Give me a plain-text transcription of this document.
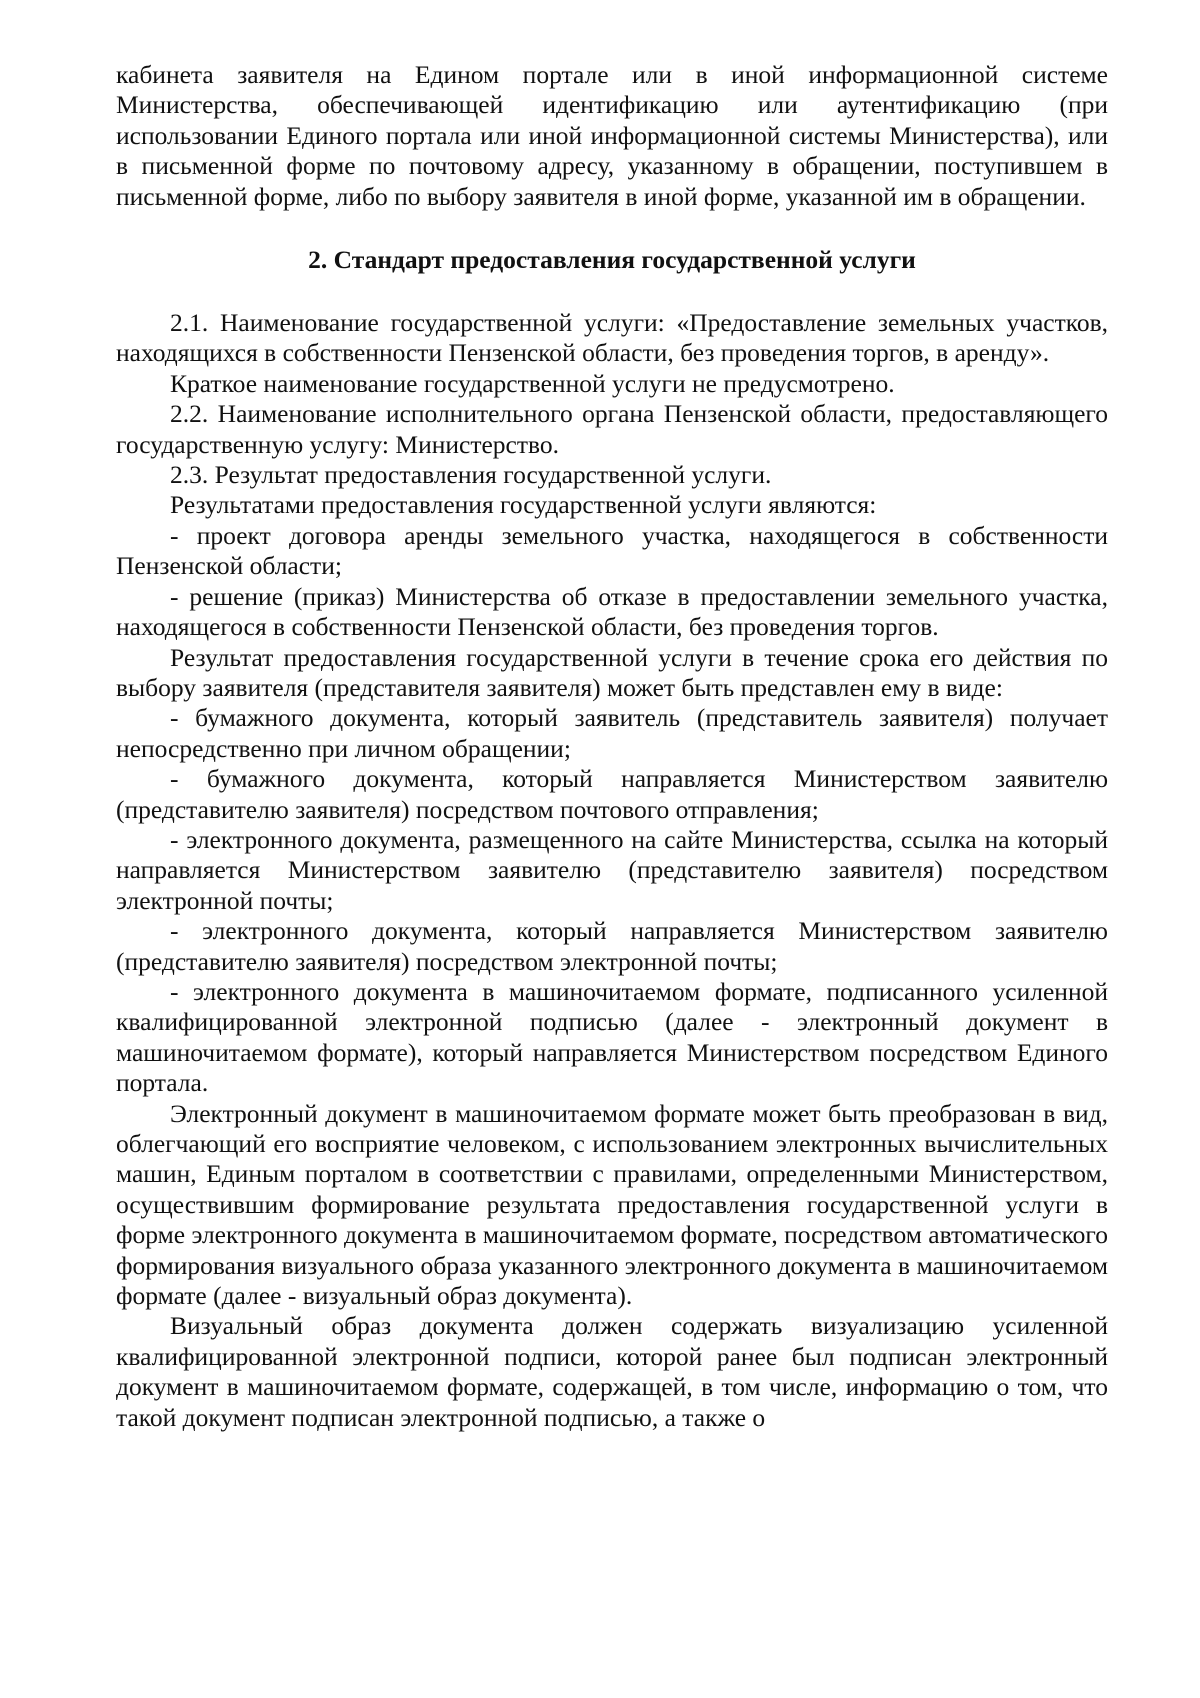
кабинета заявителя на Едином портале или в иной информационной системе Министерства, обеспечивающей идентификацию или аутентификацию (при использовании Единого портала или иной информационной системы Министерства), или в письменной форме по почтовому адресу, указанному в обращении, поступившем в письменной форме, либо по выбору заявителя в иной форме, указанной им в обращении.

2. Стандарт предоставления государственной услуги

2.1. Наименование государственной услуги: «Предоставление земельных участков, находящихся в собственности Пензенской области, без проведения торгов, в аренду».

Краткое наименование государственной услуги не предусмотрено.

2.2. Наименование исполнительного органа Пензенской области, предоставляющего государственную услугу: Министерство.

2.3. Результат предоставления государственной услуги.

Результатами предоставления государственной услуги являются:

- проект договора аренды земельного участка, находящегося в собственности Пензенской области;

- решение (приказ) Министерства об отказе в предоставлении земельного участка, находящегося в собственности Пензенской области, без проведения торгов.

Результат предоставления государственной услуги в течение срока его действия по выбору заявителя (представителя заявителя) может быть представлен ему в виде:

- бумажного документа, который заявитель (представитель заявителя) получает непосредственно при личном обращении;

- бумажного документа, который направляется Министерством заявителю (представителю заявителя) посредством почтового отправления;

- электронного документа, размещенного на сайте Министерства, ссылка на который направляется Министерством заявителю (представителю заявителя) посредством электронной почты;

- электронного документа, который направляется Министерством заявителю (представителю заявителя) посредством электронной почты;

- электронного документа в машиночитаемом формате, подписанного усиленной квалифицированной электронной подписью (далее - электронный документ в машиночитаемом формате), который направляется Министерством посредством Единого портала.

Электронный документ в машиночитаемом формате может быть преобразован в вид, облегчающий его восприятие человеком, с использованием электронных вычислительных машин, Единым порталом в соответствии с правилами, определенными Министерством, осуществившим формирование результата предоставления государственной услуги в форме электронного документа в машиночитаемом формате, посредством автоматического формирования визуального образа указанного электронного документа в машиночитаемом формате (далее - визуальный образ документа).

Визуальный образ документа должен содержать визуализацию усиленной квалифицированной электронной подписи, которой ранее был подписан электронный документ в машиночитаемом формате, содержащей, в том числе, информацию о том, что такой документ подписан электронной подписью, а также о
